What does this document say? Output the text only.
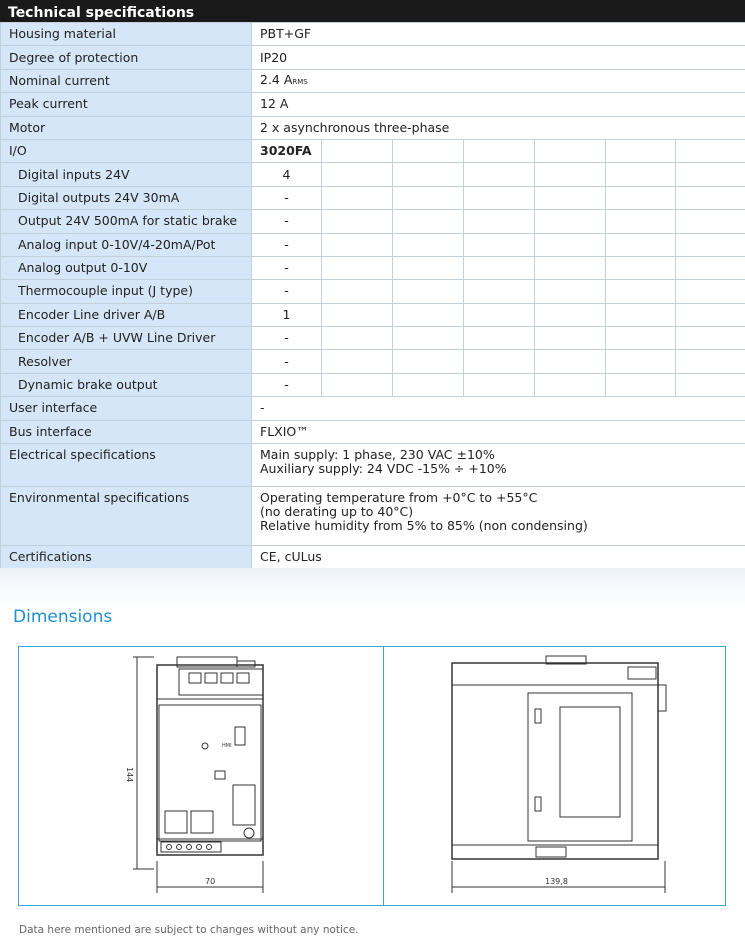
Technical specifications
Housing material	PBT+GF						
Degree of protection	IP20						
Nominal current	2.4 ARMS						
Peak current	12 A						
Motor	2 x asynchronous three-phase						
I/O	3020FA						
Digital inputs 24V	4						
Digital outputs 24V 30mA	-						
Output 24V 500mA for static brake	-						
Analog input 0-10V/4-20mA/Pot	-						
Analog output 0-10V	-						
Thermocouple input (J type)	-						
Encoder Line driver A/B	1						
Encoder A/B + UVW Line Driver	-						
Resolver	-						
Dynamic brake output	-						
User interface	-						
Bus interface	FLXIO™						
Electrical specifications	Main supply: 1 phase, 230 VAC ±10%
Auxiliary supply: 24 VDC -15% ÷ +10%						

Environmental specifications	Operating temperature from +0°C to +55°C
(no derating up to 40°C)
Relative humidity from 5% to 85% (non condensing)						

Certifications	CE, cULus						
Dimensions
144
70
HMI
139,8
Data here mentioned are subject to changes without any notice.
